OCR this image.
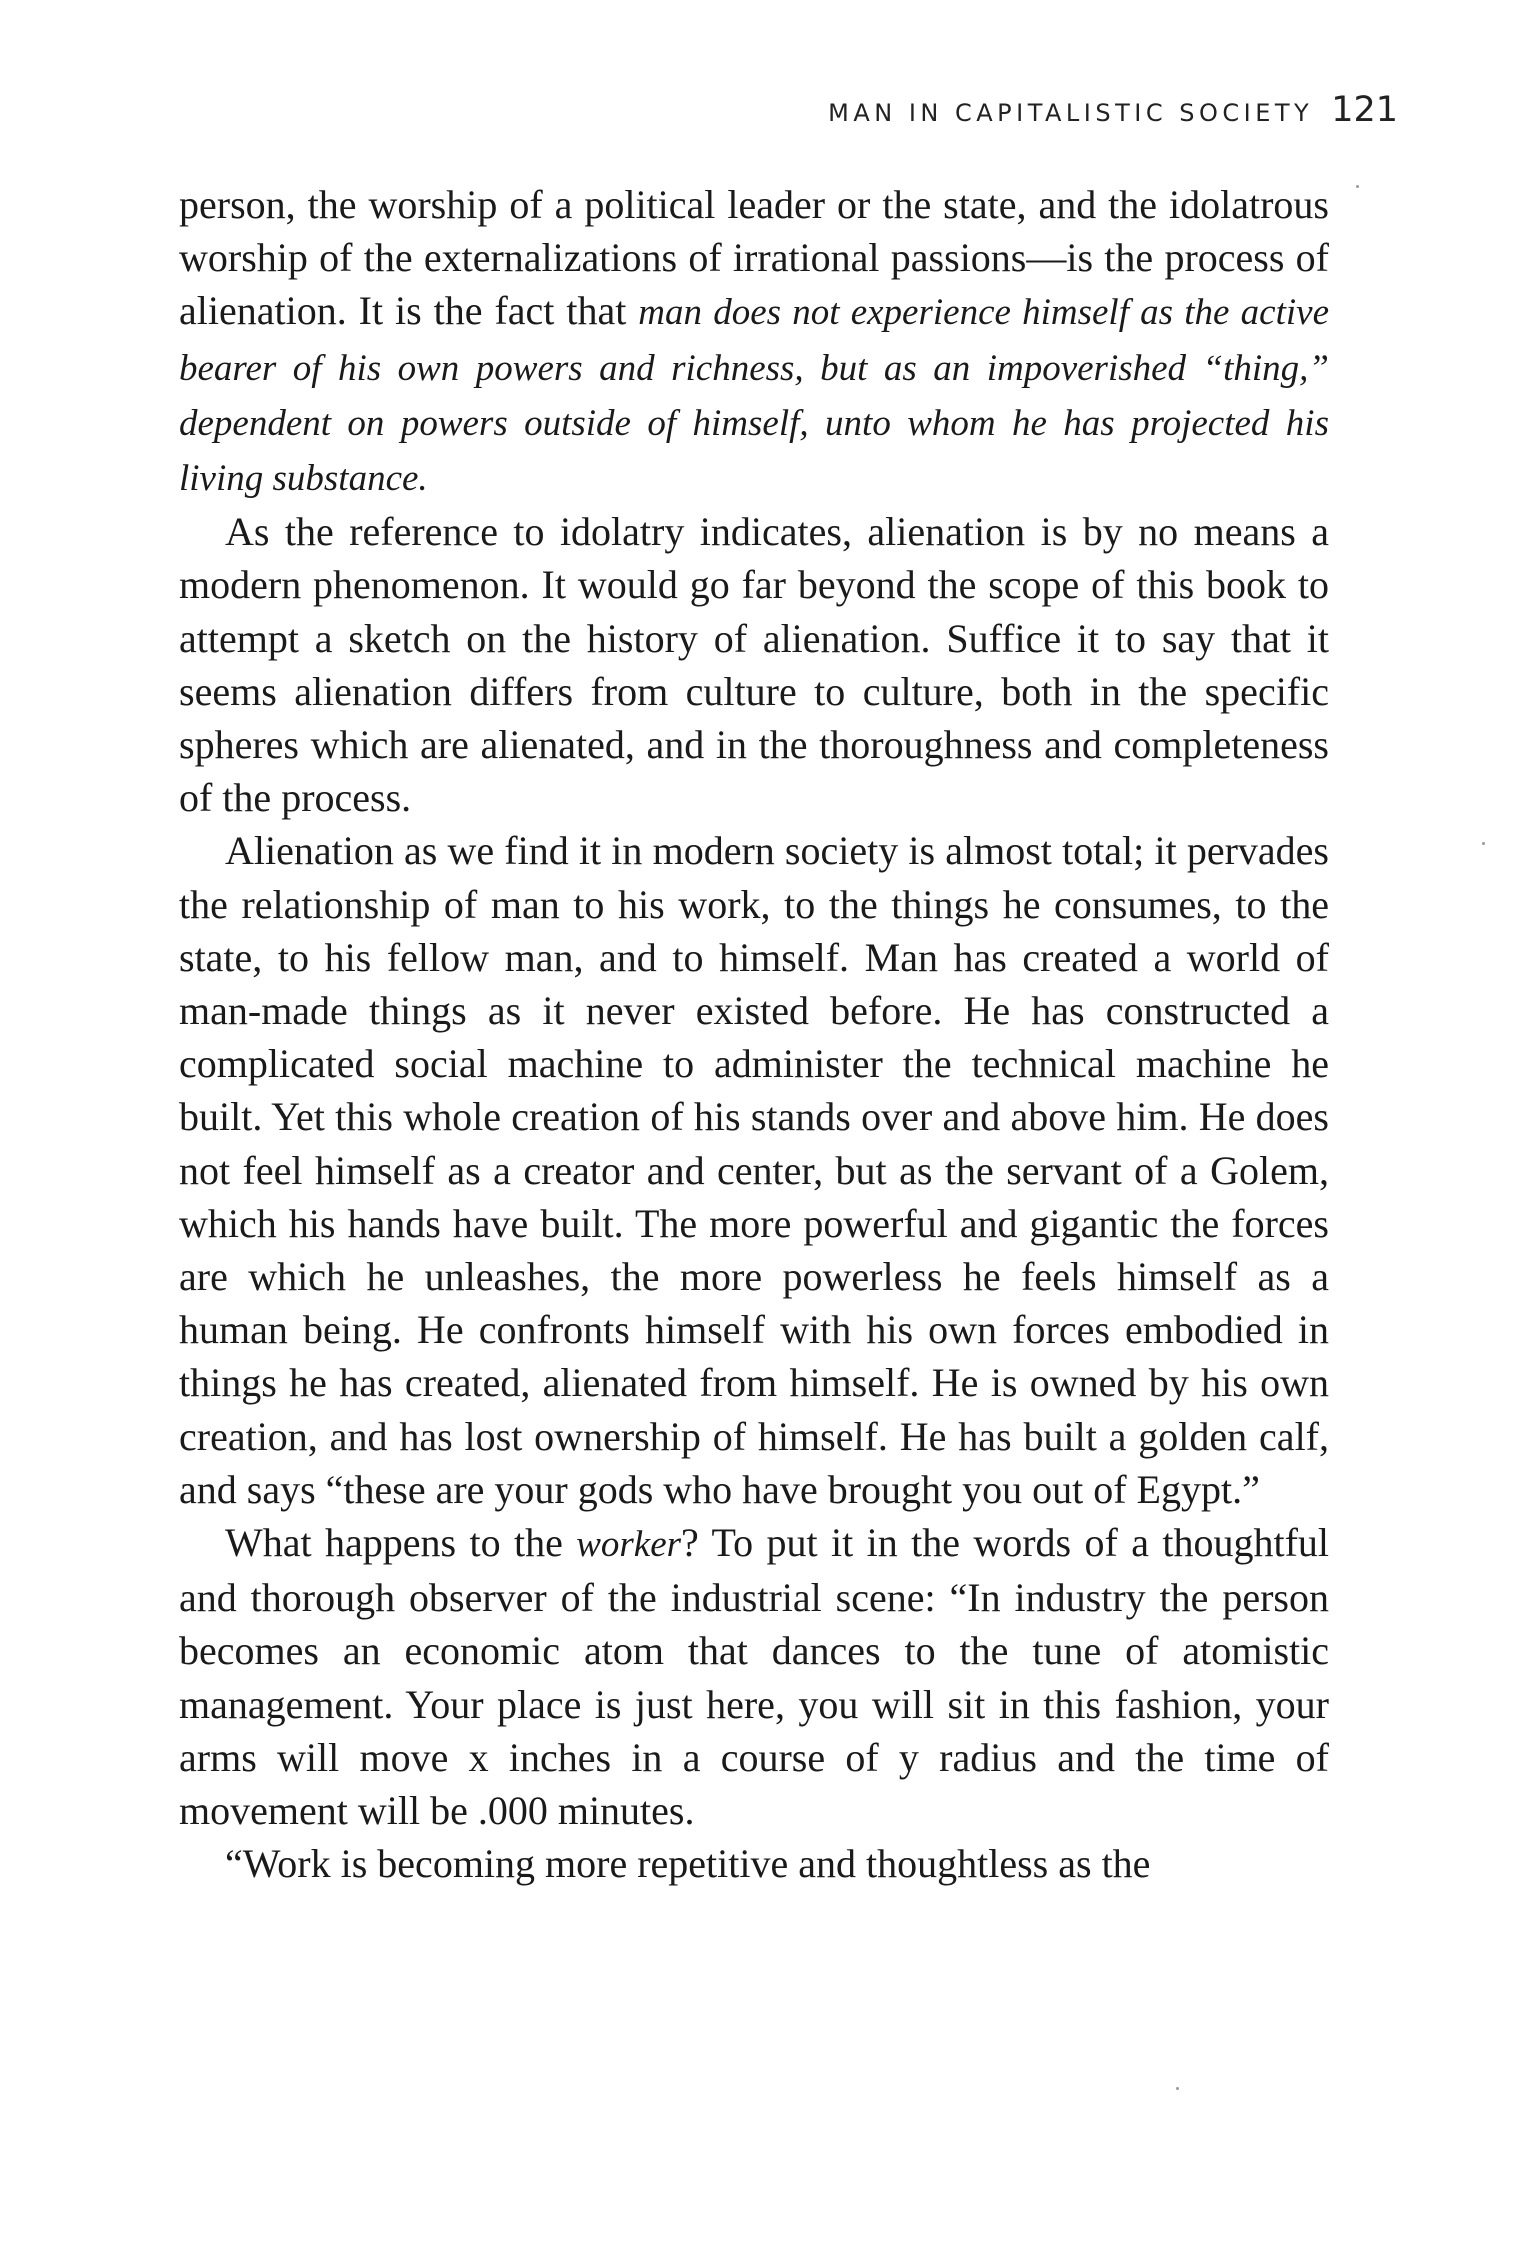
MAN IN CAPITALISTIC SOCIETY 121

person, the worship of a political leader or the state, and the idolatrous worship of the externalizations of irrational passions—is the process of alienation. It is the fact that man does not experience himself as the active bearer of his own powers and richness, but as an impoverished “thing,” dependent on powers outside of himself, unto whom he has projected his living substance.

As the reference to idolatry indicates, alienation is by no means a modern phenomenon. It would go far beyond the scope of this book to attempt a sketch on the history of alienation. Suffice it to say that it seems alienation differs from culture to culture, both in the specific spheres which are alienated, and in the thoroughness and completeness of the process.

Alienation as we find it in modern society is almost total; it pervades the relationship of man to his work, to the things he consumes, to the state, to his fellow man, and to himself. Man has created a world of man-made things as it never existed before. He has constructed a complicated social machine to administer the technical machine he built. Yet this whole creation of his stands over and above him. He does not feel himself as a creator and center, but as the servant of a Golem, which his hands have built. The more powerful and gigantic the forces are which he unleashes, the more powerless he feels himself as a human being. He confronts himself with his own forces embodied in things he has created, alienated from himself. He is owned by his own creation, and has lost ownership of himself. He has built a golden calf, and says “these are your gods who have brought you out of Egypt.”

What happens to the worker? To put it in the words of a thoughtful and thorough observer of the industrial scene: “In industry the person becomes an economic atom that dances to the tune of atomistic management. Your place is just here, you will sit in this fashion, your arms will move x inches in a course of y radius and the time of movement will be .000 minutes.

“Work is becoming more repetitive and thoughtless as the
